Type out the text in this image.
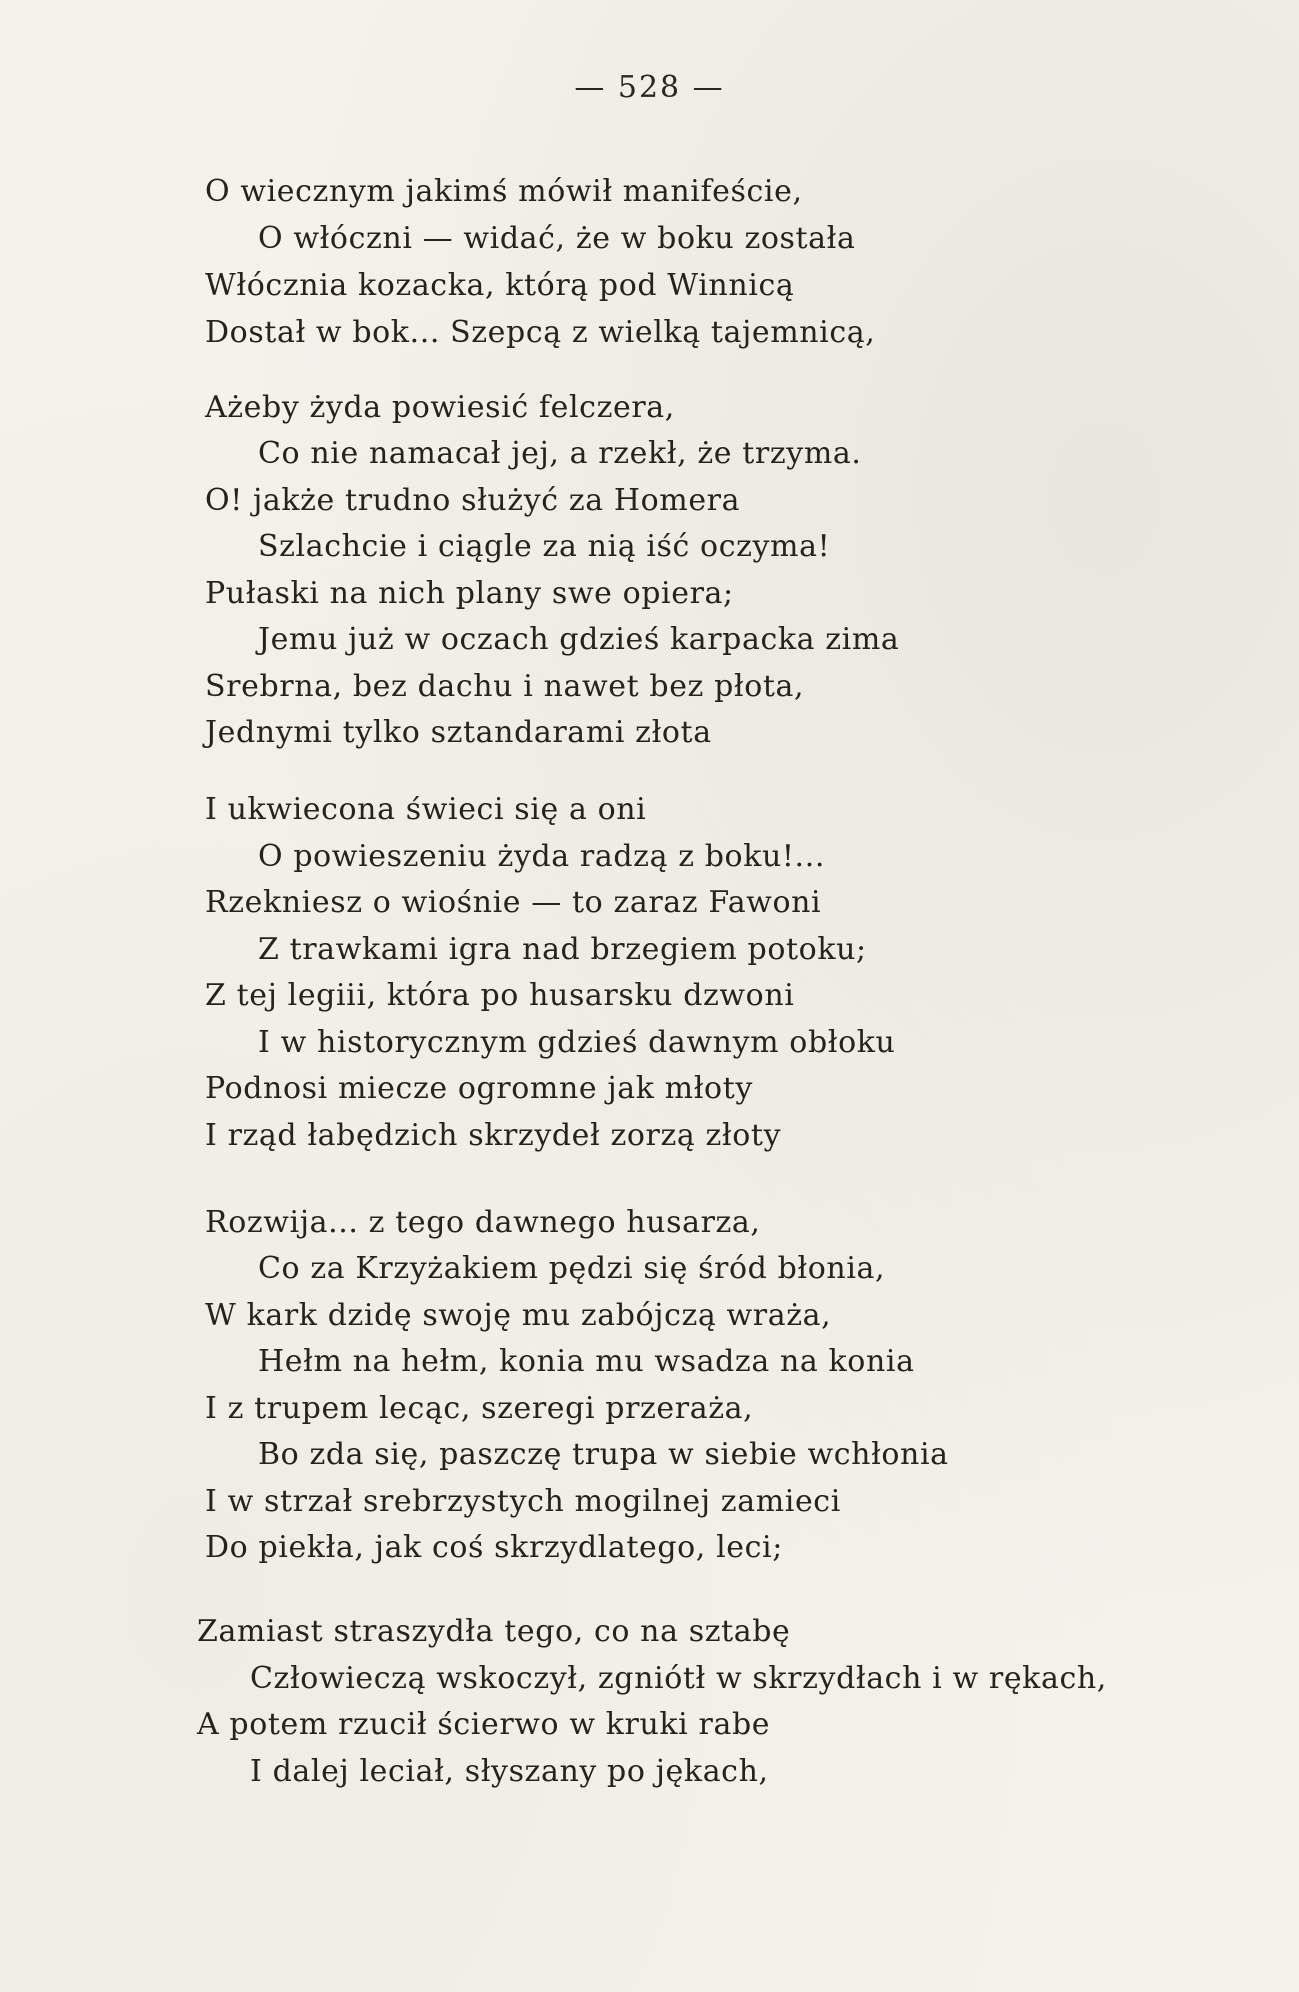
— 528 —
O wiecznym jakimś mówił manifeście,
O włóczni — widać, że w boku została
Włócznia kozacka, którą pod Winnicą
Dostał w bok... Szepcą z wielką tajemnicą,
Ażeby żyda powiesić felczera,
Co nie namacał jej, a rzekł, że trzyma.
O! jakże trudno służyć za Homera
Szlachcie i ciągle za nią iść oczyma!
Pułaski na nich plany swe opiera;
Jemu już w oczach gdzieś karpacka zima
Srebrna, bez dachu i nawet bez płota,
Jednymi tylko sztandarami złota
I ukwiecona świeci się a oni
O powieszeniu żyda radzą z boku!...
Rzekniesz o wiośnie — to zaraz Fawoni
Z trawkami igra nad brzegiem potoku;
Z tej legiii, która po husarsku dzwoni
I w historycznym gdzieś dawnym obłoku
Podnosi miecze ogromne jak młoty
I rząd łabędzich skrzydeł zorzą złoty
Rozwija... z tego dawnego husarza,
Co za Krzyżakiem pędzi się śród błonia,
W kark dzidę swoję mu zabójczą wraża,
Hełm na hełm, konia mu wsadza na konia
I z trupem lecąc, szeregi przeraża,
Bo zda się, paszczę trupa w siebie wchłonia
I w strzał srebrzystych mogilnej zamieci
Do piekła, jak coś skrzydlatego, leci;
Zamiast straszydła tego, co na sztabę
Człowieczą wskoczył, zgniótł w skrzydłach i w rękach,
A potem rzucił ścierwo w kruki rabe
I dalej leciał, słyszany po jękach,
